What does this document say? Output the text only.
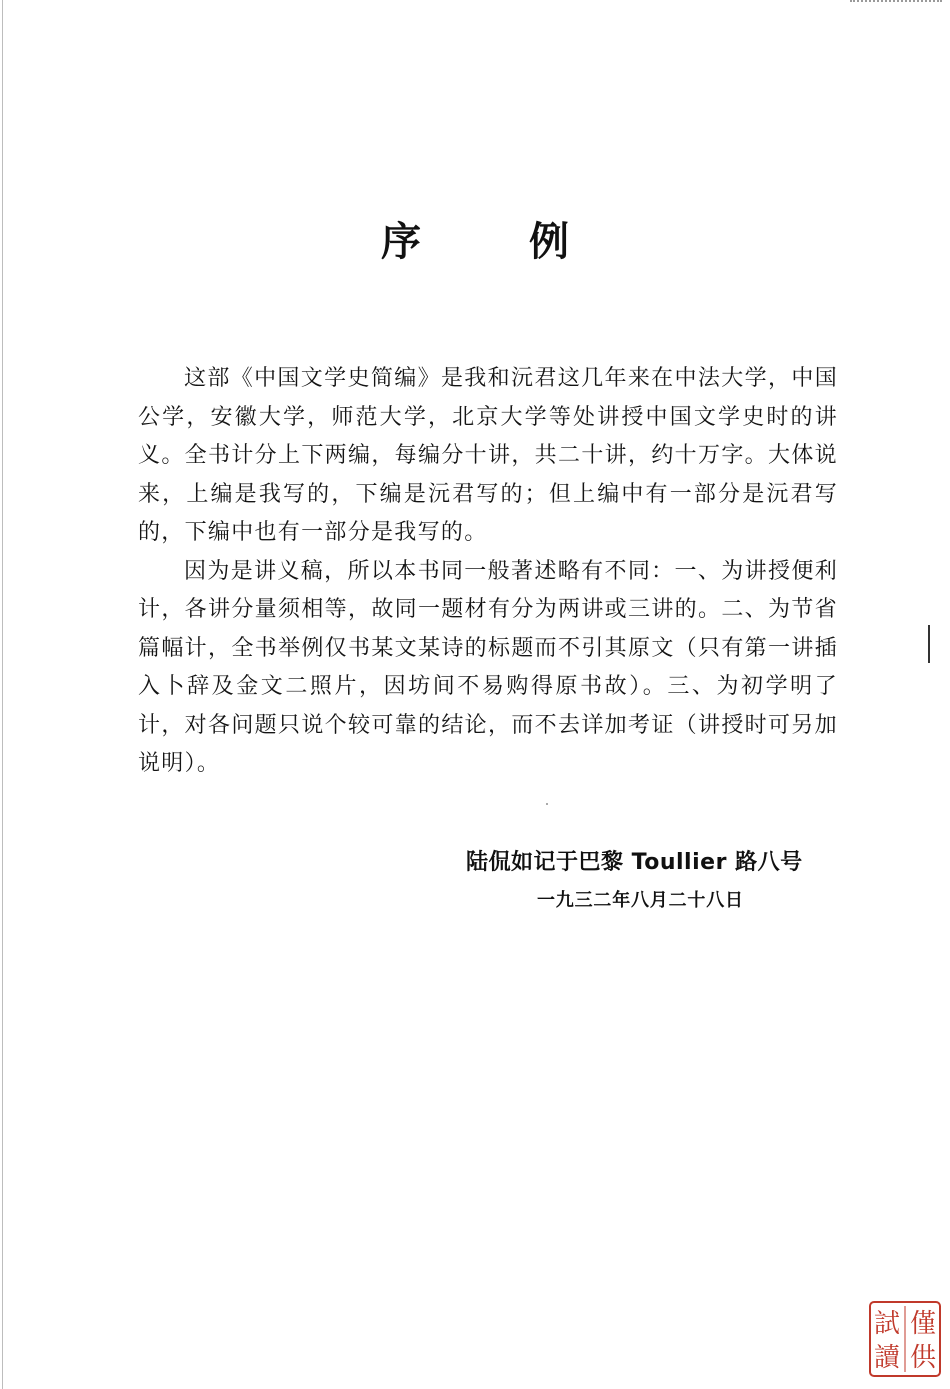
序　例

这部《中国文学史简编》是我和沅君这几年来在中法大学，中国公学，安徽大学，师范大学，北京大学等处讲授中国文学史时的讲义。全书计分上下两编，每编分十讲，共二十讲，约十万字。大体说来，上编是我写的，下编是沅君写的；但上编中有一部分是沅君写的，下编中也有一部分是我写的。

因为是讲义稿，所以本书同一般著述略有不同：一、为讲授便利计，各讲分量须相等，故同一题材有分为两讲或三讲的。二、为节省篇幅计，全书举例仅书某文某诗的标题而不引其原文（只有第一讲插入卜辞及金文二照片，因坊间不易购得原书故）。三、为初学明了计，对各问题只说个较可靠的结论，而不去详加考证（讲授时可另加说明）。

陆侃如记于巴黎 Toullier 路八号
一九三二年八月二十八日
僅
供
試
讀
